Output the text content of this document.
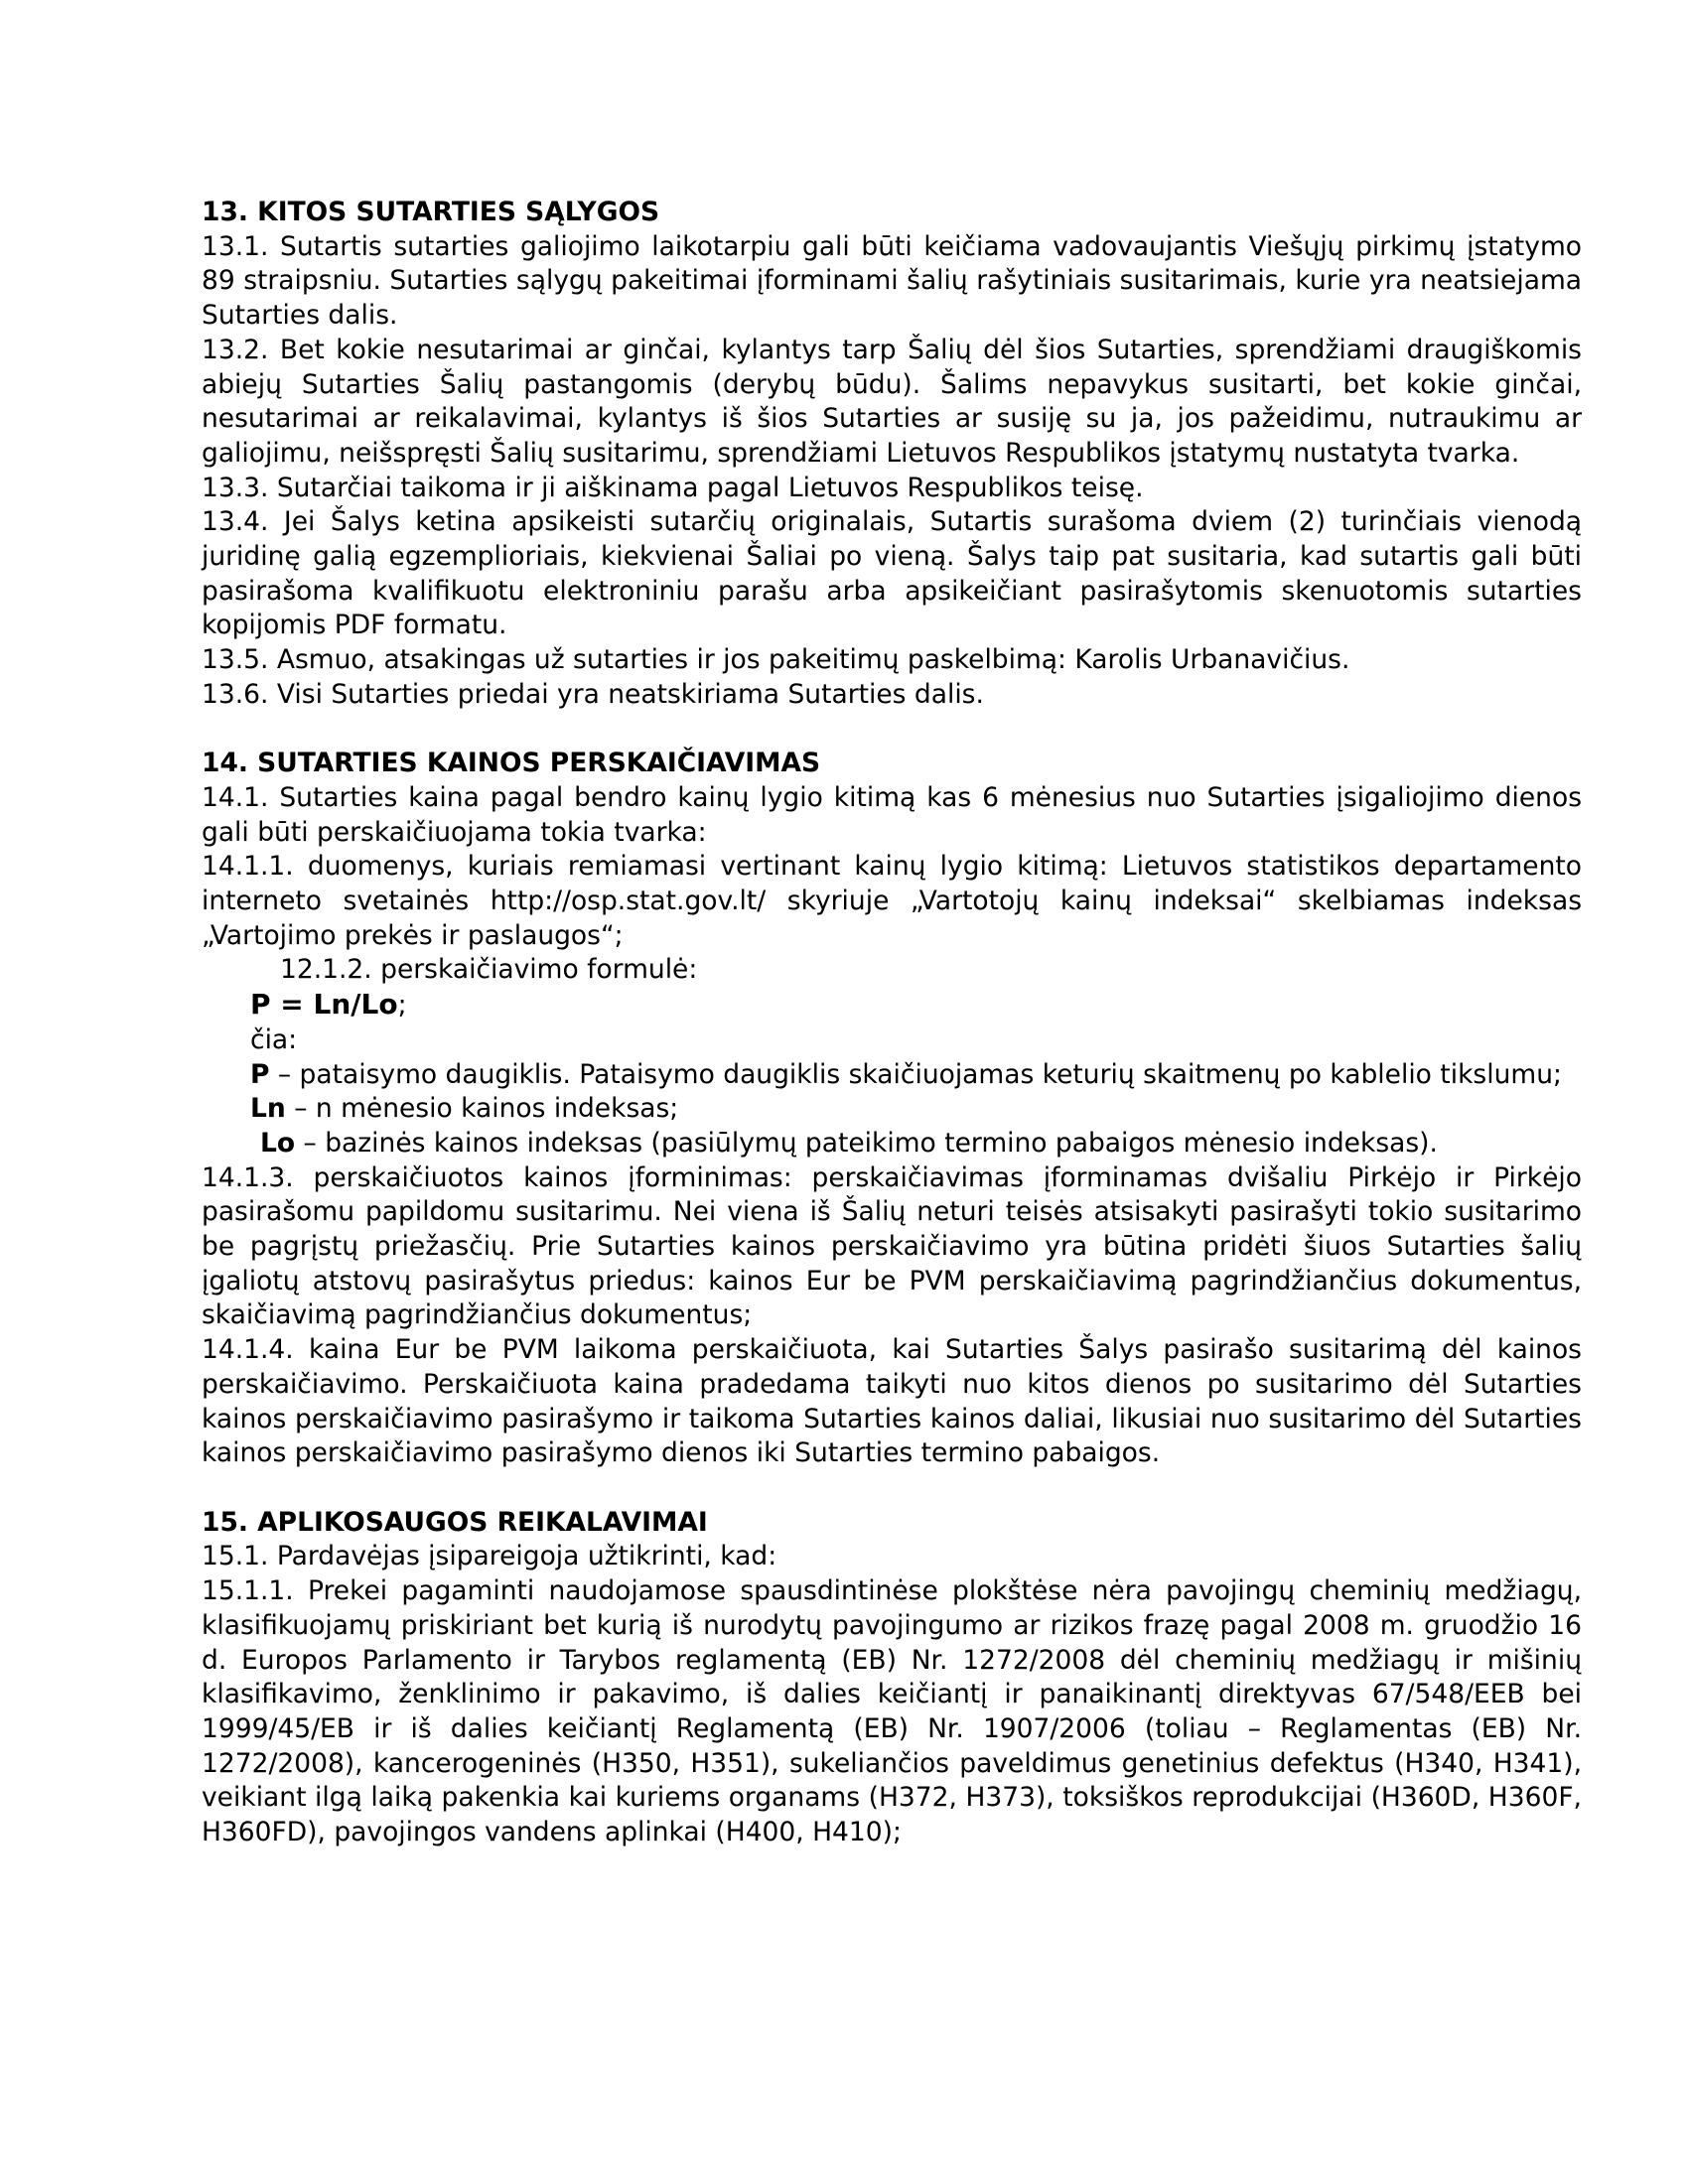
13. KITOS SUTARTIES SĄLYGOS

13.1. Sutartis sutarties galiojimo laikotarpiu gali būti keičiama vadovaujantis Viešųjų pirkimų įstatymo 89 straipsniu. Sutarties sąlygų pakeitimai įforminami šalių rašytiniais susitarimais, kurie yra neatsiejama Sutarties dalis.

13.2. Bet kokie nesutarimai ar ginčai, kylantys tarp Šalių dėl šios Sutarties, sprendžiami draugiškomis abiejų Sutarties Šalių pastangomis (derybų būdu). Šalims nepavykus susitarti, bet kokie ginčai, nesutarimai ar reikalavimai, kylantys iš šios Sutarties ar susiję su ja, jos pažeidimu, nutraukimu ar galiojimu, neišspręsti Šalių susitarimu, sprendžiami Lietuvos Respublikos įstatymų nustatyta tvarka.

13.3. Sutarčiai taikoma ir ji aiškinama pagal Lietuvos Respublikos teisę.

13.4. Jei Šalys ketina apsikeisti sutarčių originalais, Sutartis surašoma dviem (2) turinčiais vienodą juridinę galią egzemplioriais, kiekvienai Šaliai po vieną. Šalys taip pat susitaria, kad sutartis gali būti pasirašoma kvalifikuotu elektroniniu parašu arba apsikeičiant pasirašytomis skenuotomis sutarties kopijomis PDF formatu.

13.5. Asmuo, atsakingas už sutarties ir jos pakeitimų paskelbimą: Karolis Urbanavičius.

13.6. Visi Sutarties priedai yra neatskiriama Sutarties dalis.

14. SUTARTIES KAINOS PERSKAIČIAVIMAS

14.1. Sutarties kaina pagal bendro kainų lygio kitimą kas 6 mėnesius nuo Sutarties įsigaliojimo dienos gali būti perskaičiuojama tokia tvarka:

14.1.1. duomenys, kuriais remiamasi vertinant kainų lygio kitimą: Lietuvos statistikos departamento interneto svetainės http://osp.stat.gov.lt/ skyriuje „Vartotojų kainų indeksai“ skelbiamas indeksas „Vartojimo prekės ir paslaugos“;

12.1.2. perskaičiavimo formulė:

P = Ln/Lo;

čia:

P – pataisymo daugiklis. Pataisymo daugiklis skaičiuojamas keturių skaitmenų po kablelio tikslumu;

Ln – n mėnesio kainos indeksas;

Lo – bazinės kainos indeksas (pasiūlymų pateikimo termino pabaigos mėnesio indeksas).

14.1.3. perskaičiuotos kainos įforminimas: perskaičiavimas įforminamas dvišaliu Pirkėjo ir Pirkėjo pasirašomu papildomu susitarimu. Nei viena iš Šalių neturi teisės atsisakyti pasirašyti tokio susitarimo be pagrįstų priežasčių. Prie Sutarties kainos perskaičiavimo yra būtina pridėti šiuos Sutarties šalių įgaliotų atstovų pasirašytus priedus: kainos Eur be PVM perskaičiavimą pagrindžiančius dokumentus, skaičiavimą pagrindžiančius dokumentus;

14.1.4. kaina Eur be PVM laikoma perskaičiuota, kai Sutarties Šalys pasirašo susitarimą dėl kainos perskaičiavimo. Perskaičiuota kaina pradedama taikyti nuo kitos dienos po susitarimo dėl Sutarties kainos perskaičiavimo pasirašymo ir taikoma Sutarties kainos daliai, likusiai nuo susitarimo dėl Sutarties kainos perskaičiavimo pasirašymo dienos iki Sutarties termino pabaigos.

15. APLIKOSAUGOS REIKALAVIMAI

15.1. Pardavėjas įsipareigoja užtikrinti, kad:

15.1.1. Prekei pagaminti naudojamose spausdintinėse plokštėse nėra pavojingų cheminių medžiagų, klasifikuojamų priskiriant bet kurią iš nurodytų pavojingumo ar rizikos frazę pagal 2008 m. gruodžio 16 d. Europos Parlamento ir Tarybos reglamentą (EB) Nr. 1272/2008 dėl cheminių medžiagų ir mišinių klasifikavimo, ženklinimo ir pakavimo, iš dalies keičiantį ir panaikinantį direktyvas 67/548/EEB bei 1999/45/EB ir iš dalies keičiantį Reglamentą (EB) Nr. 1907/2006 (toliau – Reglamentas (EB) Nr. 1272/2008), kancerogeninės (H350, H351), sukeliančios paveldimus genetinius defektus (H340, H341), veikiant ilgą laiką pakenkia kai kuriems organams (H372, H373), toksiškos reprodukcijai (H360D, H360F, H360FD), pavojingos vandens aplinkai (H400, H410);
